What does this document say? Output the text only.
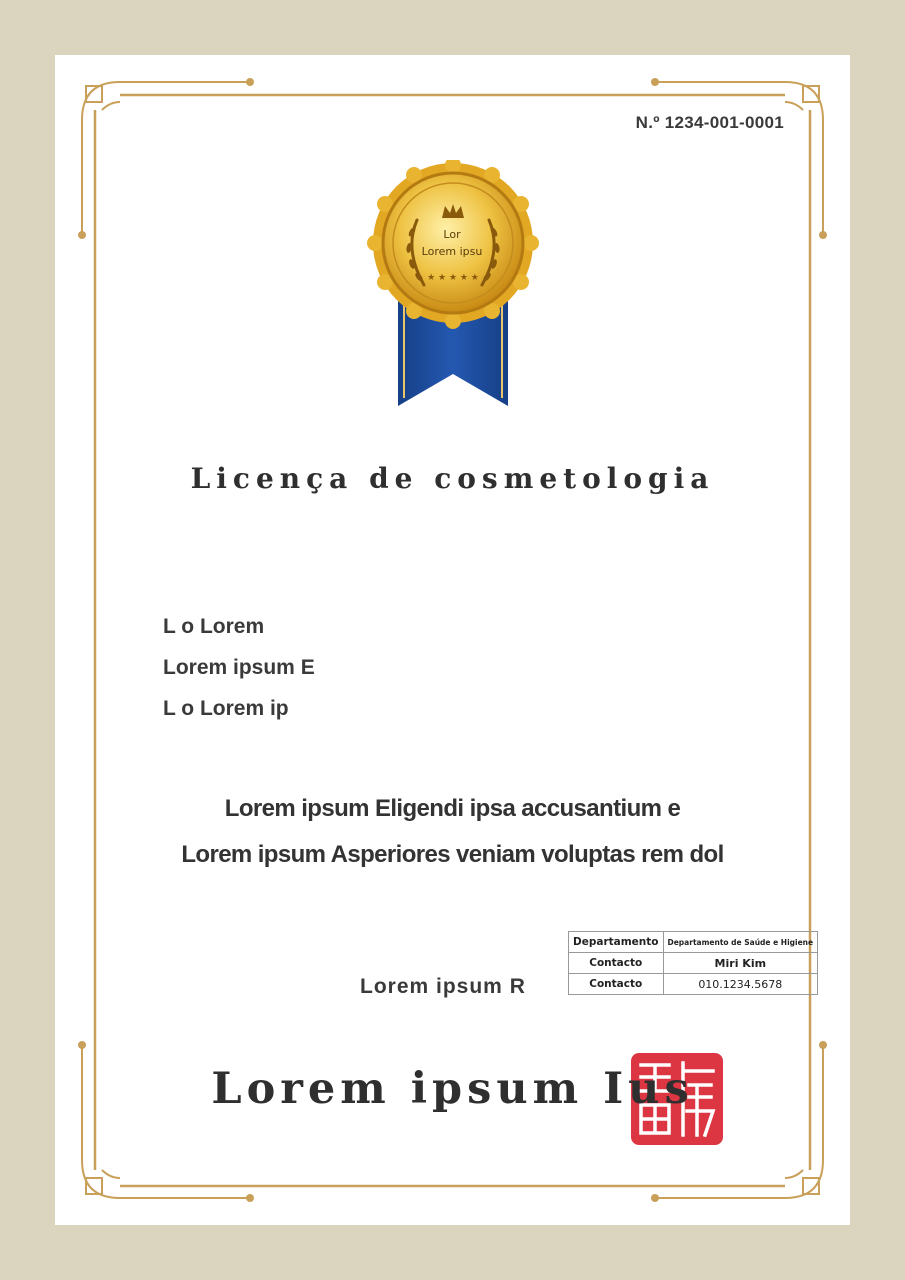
N.º 1234-001-0001
★ ★ ★ ★ ★
Lor
Lorem ipsu
Licença de cosmetologia
L o Lorem
Lorem ipsum E
L o Lorem ip
Lorem ipsum Eligendi ipsa accusantium e
Lorem ipsum Asperiores veniam voluptas rem dol
Lorem ipsum R
Departamento	Departamento de Saúde e Higiene
Contacto	Miri Kim
Contacto	010.1234.5678
Lorem ipsum Ius
